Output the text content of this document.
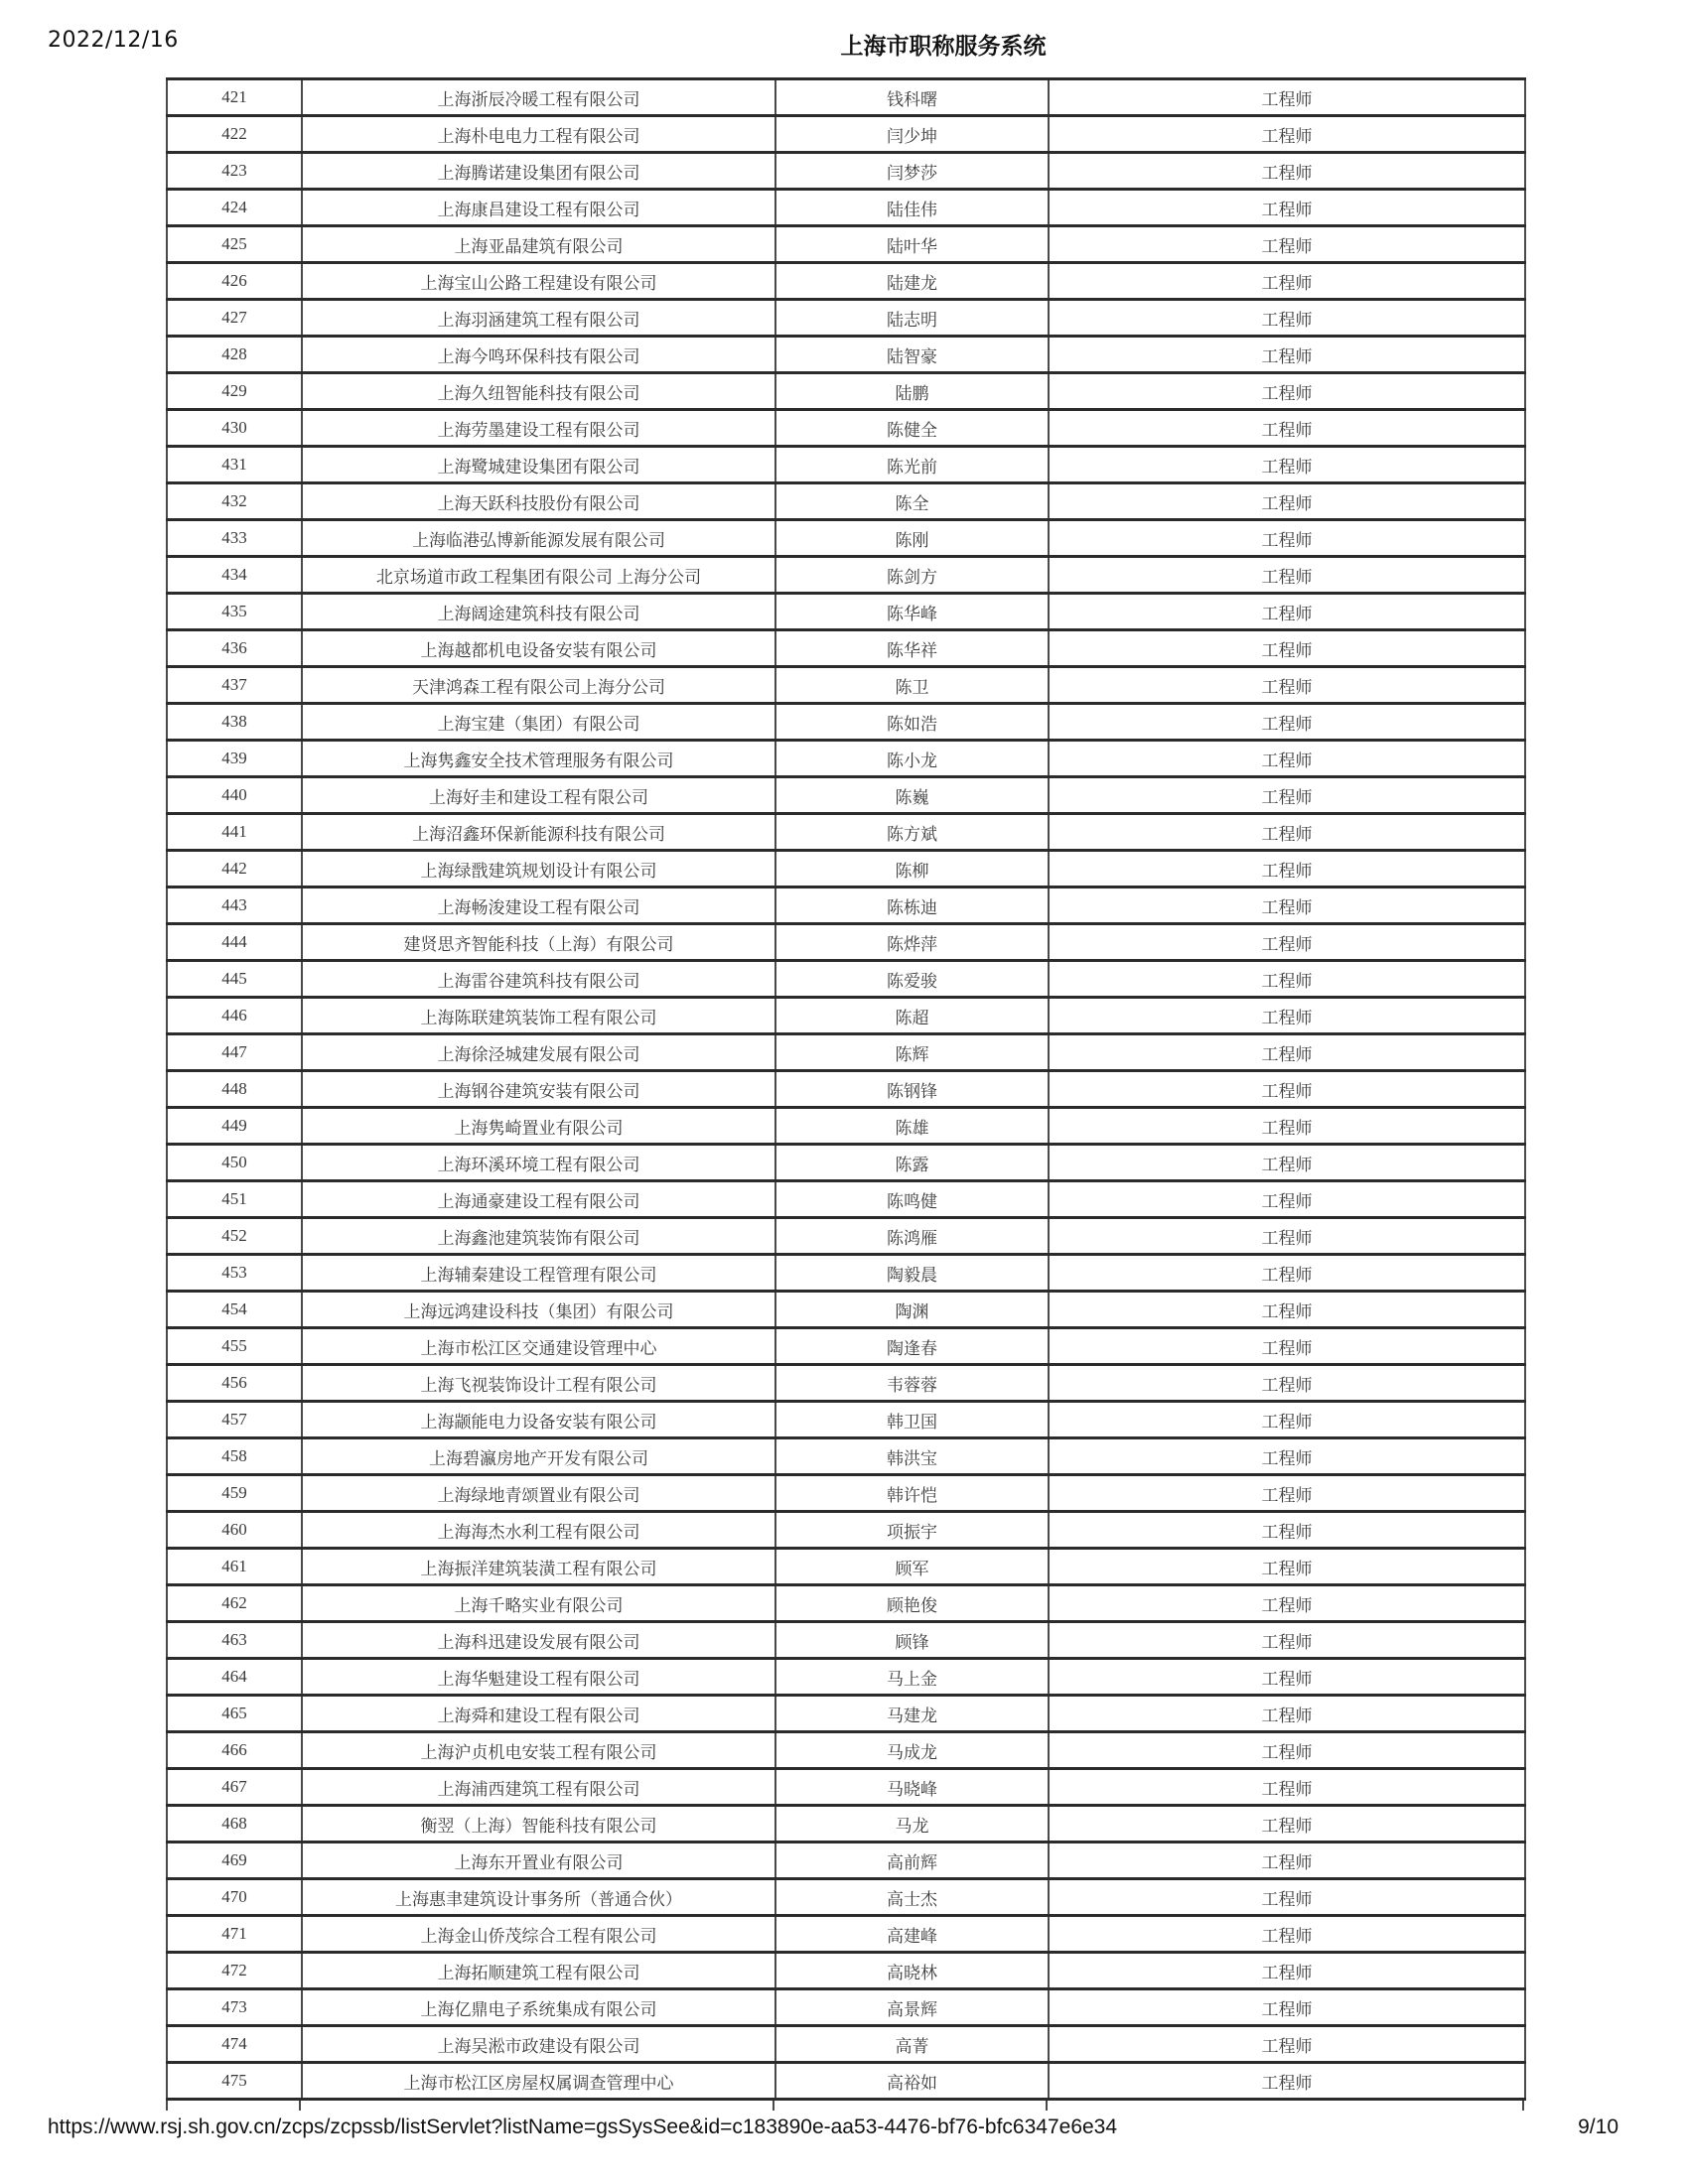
2022/12/16	上海市职称服务系统
421	上海浙辰冷暖工程有限公司	钱科曙	工程师
422	上海朴电电力工程有限公司	闫少坤	工程师
423	上海腾诺建设集团有限公司	闫梦莎	工程师
424	上海康昌建设工程有限公司	陆佳伟	工程师
425	上海亚晶建筑有限公司	陆叶华	工程师
426	上海宝山公路工程建设有限公司	陆建龙	工程师
427	上海羽涵建筑工程有限公司	陆志明	工程师
428	上海今鸣环保科技有限公司	陆智豪	工程师
429	上海久纽智能科技有限公司	陆鹏	工程师
430	上海劳墨建设工程有限公司	陈健全	工程师
431	上海鹭城建设集团有限公司	陈光前	工程师
432	上海天跃科技股份有限公司	陈全	工程师
433	上海临港弘博新能源发展有限公司	陈刚	工程师
434	北京场道市政工程集团有限公司 上海分公司	陈剑方	工程师
435	上海阔途建筑科技有限公司	陈华峰	工程师
436	上海越都机电设备安装有限公司	陈华祥	工程师
437	天津鸿森工程有限公司上海分公司	陈卫	工程师
438	上海宝建（集团）有限公司	陈如浩	工程师
439	上海隽鑫安全技术管理服务有限公司	陈小龙	工程师
440	上海好圭和建设工程有限公司	陈巍	工程师
441	上海沼鑫环保新能源科技有限公司	陈方斌	工程师
442	上海绿戬建筑规划设计有限公司	陈柳	工程师
443	上海畅浚建设工程有限公司	陈栋迪	工程师
444	建贤思齐智能科技（上海）有限公司	陈烨萍	工程师
445	上海雷谷建筑科技有限公司	陈爱骏	工程师
446	上海陈联建筑装饰工程有限公司	陈超	工程师
447	上海徐泾城建发展有限公司	陈辉	工程师
448	上海钢谷建筑安装有限公司	陈钢锋	工程师
449	上海隽崎置业有限公司	陈雄	工程师
450	上海环溪环境工程有限公司	陈露	工程师
451	上海通豪建设工程有限公司	陈鸣健	工程师
452	上海鑫池建筑装饰有限公司	陈鸿雁	工程师
453	上海辅秦建设工程管理有限公司	陶毅晨	工程师
454	上海远鸿建设科技（集团）有限公司	陶渊	工程师
455	上海市松江区交通建设管理中心	陶逢春	工程师
456	上海飞视装饰设计工程有限公司	韦蓉蓉	工程师
457	上海颛能电力设备安装有限公司	韩卫国	工程师
458	上海碧瀛房地产开发有限公司	韩洪宝	工程师
459	上海绿地青颂置业有限公司	韩许恺	工程师
460	上海海杰水利工程有限公司	项振宇	工程师
461	上海振洋建筑装潢工程有限公司	顾军	工程师
462	上海千略实业有限公司	顾艳俊	工程师
463	上海科迅建设发展有限公司	顾锋	工程师
464	上海华魁建设工程有限公司	马上金	工程师
465	上海舜和建设工程有限公司	马建龙	工程师
466	上海沪贞机电安装工程有限公司	马成龙	工程师
467	上海浦西建筑工程有限公司	马晓峰	工程师
468	衡翌（上海）智能科技有限公司	马龙	工程师
469	上海东开置业有限公司	高前辉	工程师
470	上海惠聿建筑设计事务所（普通合伙）	高士杰	工程师
471	上海金山侨茂综合工程有限公司	高建峰	工程师
472	上海拓顺建筑工程有限公司	高晓林	工程师
473	上海亿鼎电子系统集成有限公司	高景辉	工程师
474	上海吴淞市政建设有限公司	高菁	工程师
475	上海市松江区房屋权属调查管理中心	高裕如	工程师
https://www.rsj.sh.gov.cn/zcps/zcpssb/listServlet?listName=gsSysSee&id=c183890e-aa53-4476-bf76-bfc6347e6e34	9/10
